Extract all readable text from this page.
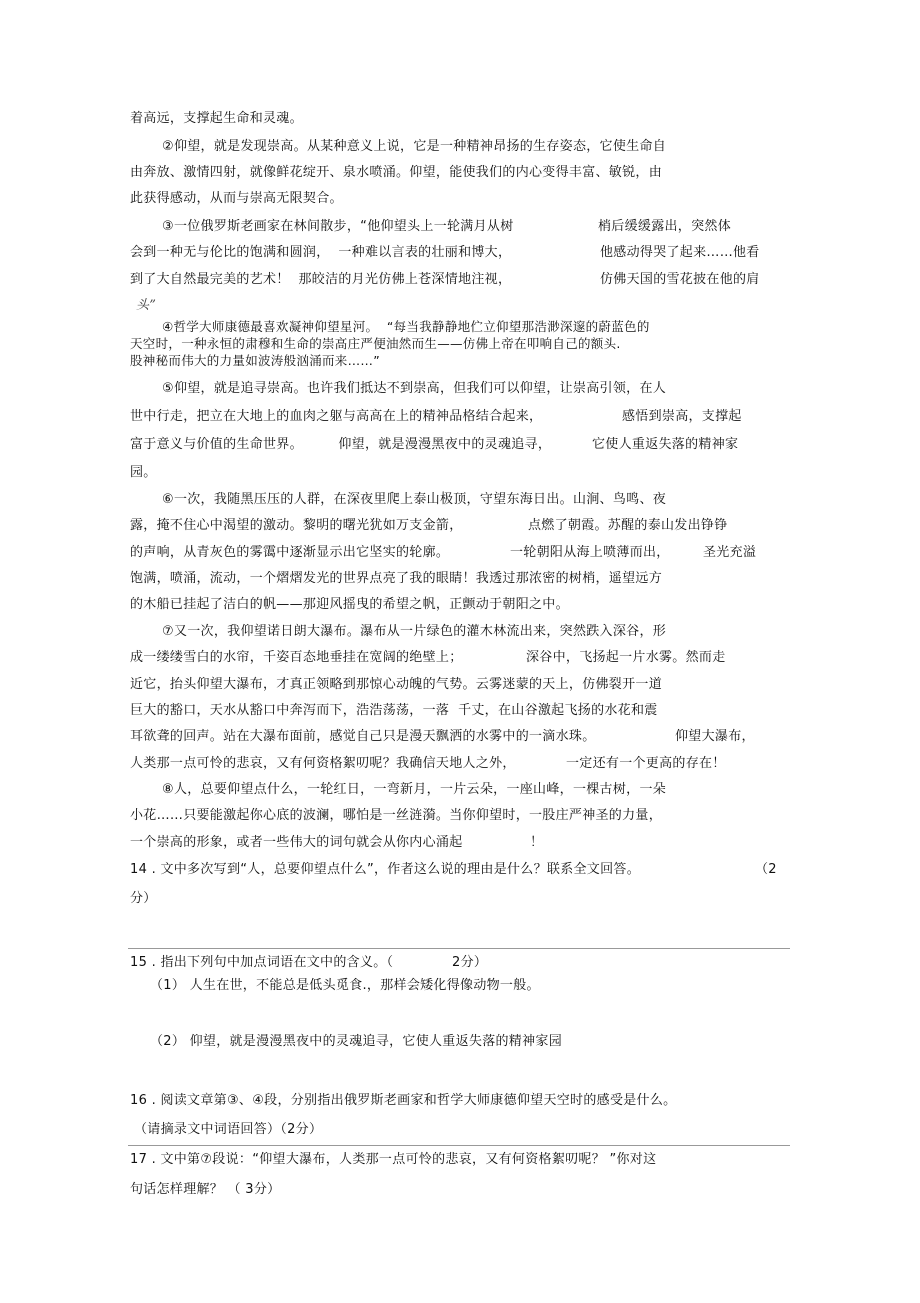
着高远，支撑起生命和灵魂。
②仰望，就是发现崇高。从某种意义上说，它是一种精神昂扬的生存姿态，它使生命自
由奔放、激情四射，就像鲜花绽开、泉水喷涌。仰望，能使我们的内心变得丰富、敏锐，由
此获得感动，从而与崇高无限契合。

③一位俄罗斯老画家在林间散步，“他仰望头上一轮满月从树

	梢后缓缓露出，突然体

会到一种无与伦比的饱满和圆润，  一种难以言表的壮丽和博大，

	他感动得哭了起来……他看

到了大自然最完美的艺术！  那皎洁的月光仿佛上苍深情地注视，

	仿佛天国的雪花披在他的肩

头”
④哲学大师康德最喜欢凝神仰望星河。  “每当我静静地伫立仰望那浩渺深邃的蔚蓝色的
天空时，一种永恒的肃穆和生命的崇高庄严便油然而生——仿佛上帝在叩响自己的额头.
股神秘而伟大的力量如波涛般汹涌而来……”
⑤仰望，就是追寻崇高。也许我们抵达不到崇高，但我们可以仰望，让崇高引领，在人

世中行走，把立在大地上的血肉之躯与高高在上的精神品格结合起来，

	感悟到崇高，支撑起

富于意义与价值的生命世界。        仰望，就是漫漫黑夜中的灵魂追寻，

	它使人重返失落的精神家

园。
⑥一次，我随黑压压的人群，在深夜里爬上泰山极顶，守望东海日出。山涧、鸟鸣、夜

露，掩不住心中渴望的激动。黎明的曙光犹如万支金箭，

	点燃了朝霞。苏醒的泰山发出铮铮

的声响，从青灰色的雾霭中逐渐显示出它坚实的轮廓。

	一轮朝阳从海上喷薄而出，

	圣光充溢

饱满，喷涌，流动，一个熠熠发光的世界点亮了我的眼睛！我透过那浓密的树梢，遥望远方
的木船已挂起了洁白的帆——那迎风摇曳的希望之帆，正颤动于朝阳之中。
⑦又一次，我仰望诺日朗大瀑布。瀑布从一片绿色的灌木林流出来，突然跌入深谷，形

成一缕缕雪白的水帘，千姿百态地垂挂在宽阔的绝壁上；

	深谷中，飞扬起一片水雾。然而走

近它，抬头仰望大瀑布，才真正领略到那惊心动魄的气势。云雾迷蒙的天上，仿佛裂开一道
巨大的豁口，天水从豁口中奔泻而下，浩浩荡荡，一落  千丈，在山谷激起飞扬的水花和震

耳欲聋的回声。站在大瀑布面前，感觉自己只是漫天飘洒的水雾中的一滴水珠。

	仰望大瀑布，

人类那一点可怜的悲哀，又有何资格絮叨呢？我确信天地人之外，

	一定还有一个更高的存在！

⑧人，总要仰望点什么，一轮红日，一弯新月，一片云朵，一座山峰，一棵古树，一朵
小花……只要能激起你心底的波澜，哪怕是一丝涟漪。当你仰望时，一股庄严神圣的力量，

一个崇高的形象，或者一些伟大的词句就会从你内心涌起

	！

14 . 文中多次写到“人，总要仰望点什么”，作者这么说的理由是什么？联系全文回答。

	（2

分）

15 . 指出下列句中加点词语在文中的含义。（

	2分）

（1） 人生在世，不能总是低头觅食.，那样会矮化得像动物一般。
（2） 仰望，就是漫漫黑夜中的灵魂追寻，它使人重返失落的精神家园
16 . 阅读文章第③、④段，分别指出俄罗斯老画家和哲学大师康德仰望天空时的感受是什么。
（请摘录文中词语回答）（2分）
17 . 文中第⑦段说：“仰望大瀑布，人类那一点可怜的悲哀，又有何资格絮叨呢？ ”你对这
句话怎样理解？ （ 3分）
